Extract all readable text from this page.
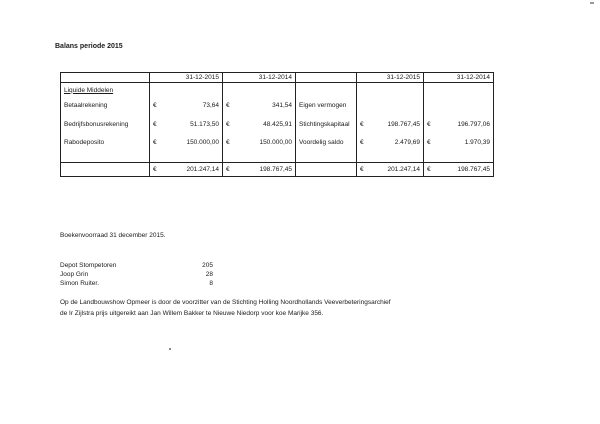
Balans periode 2015
	31-12-2015		31-12-2014			31-12-2015		31-12-2014	
Liquide Middelen									
Betaalrekening	€	73,64	€	341,54	Eigen vermogen				
Bedrijfsbonusrekening	€	51.173,50	€	48.425,91	Stichtingskapitaal	€	198.767,45	€	196.797,06
Rabodeposito	€	150.000,00	€	150.000,00	Voordelig saldo	€	2.479,69	€	1.970,39

	€	201.247,14	€	198.767,45		€	201.247,14	€	198.767,45
Boekenvoorraad 31 december 2015.
Depot Stompetoren	205
Joop Grin	28
Simon Ruiter.	8
Op de Landbouwshow Opmeer is door de voorzitter van de Stichting Holling Noordhollands Veeverbeteringsarchief
de Ir Zijlstra prijs uitgereikt aan Jan Willem Bakker te Nieuwe Niedorp voor koe Marijke 356.
